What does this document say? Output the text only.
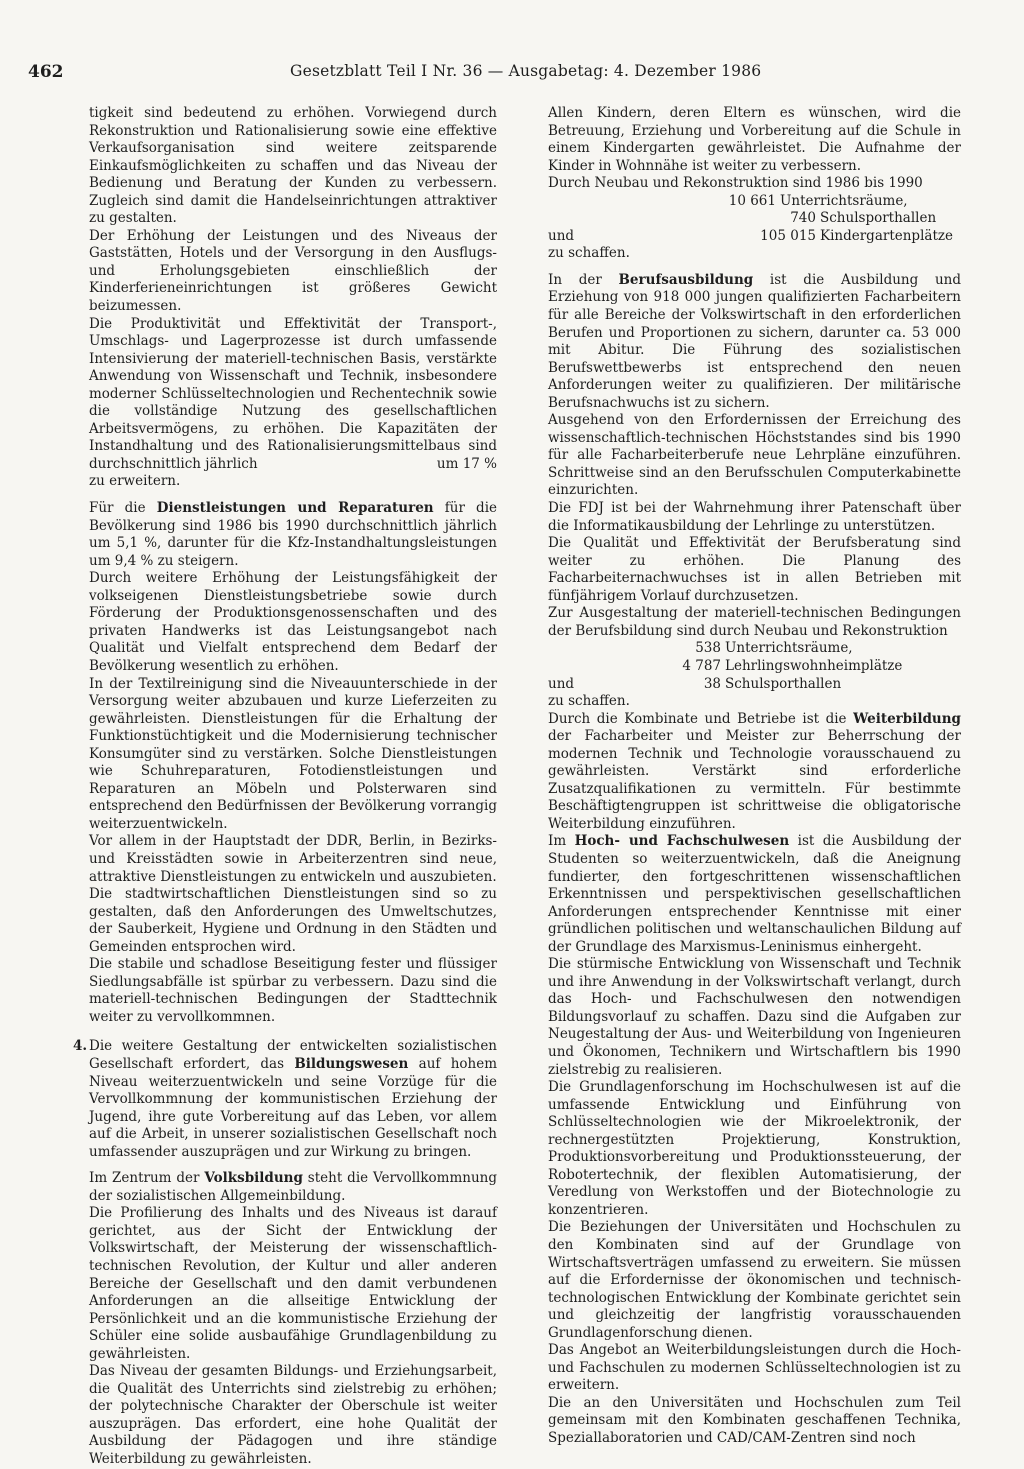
462	Gesetzblatt Teil I Nr. 36 — Ausgabetag: 4. Dezember 1986

tigkeit sind bedeutend zu erhöhen. Vorwiegend durch Rekonstruktion und Rationalisierung sowie eine effektive Verkaufsorganisation sind weitere zeitsparende Einkaufsmöglichkeiten zu schaffen und das Niveau der Bedienung und Beratung der Kunden zu verbessern. Zugleich sind damit die Handelseinrichtungen attraktiver zu gestalten.

Der Erhöhung der Leistungen und des Niveaus der Gaststätten, Hotels und der Versorgung in den Ausflugs- und Erholungsgebieten einschließlich der Kinderferieneinrichtungen ist größeres Gewicht beizumessen.

Die Produktivität und Effektivität der Transport-, Umschlags- und Lagerprozesse ist durch umfassende Intensivierung der materiell-technischen Basis, verstärkte Anwendung von Wissenschaft und Technik, insbesondere moderner Schlüsseltechnologien und Rechentechnik sowie die vollständige Nutzung des gesellschaftlichen Arbeitsvermögens, zu erhöhen. Die Kapazitäten der Instandhaltung und des Rationalisierungsmittelbaus sind durchschnittlich jährlich	um 17 %

zu erweitern.

Für die Dienstleistungen und Reparaturen für die Bevölkerung sind 1986 bis 1990 durchschnittlich jährlich um 5,1 %, darunter für die Kfz-Instandhaltungsleistungen um 9,4 % zu steigern.

Durch weitere Erhöhung der Leistungsfähigkeit der volkseigenen Dienstleistungsbetriebe sowie durch Förderung der Produktionsgenossenschaften und des privaten Handwerks ist das Leistungsangebot nach Qualität und Vielfalt entsprechend dem Bedarf der Bevölkerung wesentlich zu erhöhen.

In der Textilreinigung sind die Niveauunterschiede in der Versorgung weiter abzubauen und kurze Lieferzeiten zu gewährleisten. Dienstleistungen für die Erhaltung der Funktionstüchtigkeit und die Modernisierung technischer Konsumgüter sind zu verstärken. Solche Dienstleistungen wie Schuhreparaturen, Fotodienstleistungen und Reparaturen an Möbeln und Polsterwaren sind entsprechend den Bedürfnissen der Bevölkerung vorrangig weiterzuentwickeln.

Vor allem in der Hauptstadt der DDR, Berlin, in Bezirks- und Kreisstädten sowie in Arbeiterzentren sind neue, attraktive Dienstleistungen zu entwickeln und auszubieten.

Die stadtwirtschaftlichen Dienstleistungen sind so zu gestalten, daß den Anforderungen des Umweltschutzes, der Sauberkeit, Hygiene und Ordnung in den Städten und Gemeinden entsprochen wird.

Die stabile und schadlose Beseitigung fester und flüssiger Siedlungsabfälle ist spürbar zu verbessern. Dazu sind die materiell-technischen Bedingungen der Stadttechnik weiter zu vervollkommnen.

4. Die weitere Gestaltung der entwickelten sozialistischen Gesellschaft erfordert, das Bildungswesen auf hohem Niveau weiterzuentwickeln und seine Vorzüge für die Vervollkommnung der kommunistischen Erziehung der Jugend, ihre gute Vorbereitung auf das Leben, vor allem auf die Arbeit, in unserer sozialistischen Gesellschaft noch umfassender auszuprägen und zur Wirkung zu bringen.

Im Zentrum der Volksbildung steht die Vervollkommnung der sozialistischen Allgemeinbildung.

Die Profilierung des Inhalts und des Niveaus ist darauf gerichtet, aus der Sicht der Entwicklung der Volkswirtschaft, der Meisterung der wissenschaftlich-technischen Revolution, der Kultur und aller anderen Bereiche der Gesellschaft und den damit verbundenen Anforderungen an die allseitige Entwicklung der Persönlichkeit und an die kommunistische Erziehung der Schüler eine solide ausbaufähige Grundlagenbildung zu gewährleisten.

Das Niveau der gesamten Bildungs- und Erziehungsarbeit, die Qualität des Unterrichts sind zielstrebig zu erhöhen; der polytechnische Charakter der Oberschule ist weiter auszuprägen. Das erfordert, eine hohe Qualität der Ausbildung der Pädagogen und ihre ständige Weiterbildung zu gewährleisten.

Allen Kindern, deren Eltern es wünschen, wird die Betreuung, Erziehung und Vorbereitung auf die Schule in einem Kindergarten gewährleistet. Die Aufnahme der Kinder in Wohnnähe ist weiter zu verbessern.

Durch Neubau und Rekonstruktion sind 1986 bis 1990

10 661 Unterrichtsräume,
740 Schulsporthallen
und	105 015 Kindergartenplätze

zu schaffen.

In der Berufsausbildung ist die Ausbildung und Erziehung von 918 000 jungen qualifizierten Facharbeitern für alle Bereiche der Volkswirtschaft in den erforderlichen Berufen und Proportionen zu sichern, darunter ca. 53 000 mit Abitur. Die Führung des sozialistischen Berufswettbewerbs ist entsprechend den neuen Anforderungen weiter zu qualifizieren. Der militärische Berufsnachwuchs ist zu sichern.

Ausgehend von den Erfordernissen der Erreichung des wissenschaftlich-technischen Höchststandes sind bis 1990 für alle Facharbeiterberufe neue Lehrpläne einzuführen. Schrittweise sind an den Berufsschulen Computerkabinette einzurichten.

Die FDJ ist bei der Wahrnehmung ihrer Patenschaft über die Informatikausbildung der Lehrlinge zu unterstützen.

Die Qualität und Effektivität der Berufsberatung sind weiter zu erhöhen. Die Planung des Facharbeiternachwuchses ist in allen Betrieben mit fünfjährigem Vorlauf durchzusetzen.

Zur Ausgestaltung der materiell-technischen Bedingungen der Berufsbildung sind durch Neubau und Rekonstruktion

538 Unterrichtsräume,
4 787 Lehrlingswohnheimplätze
und	38 Schulsporthallen

zu schaffen.

Durch die Kombinate und Betriebe ist die Weiterbildung der Facharbeiter und Meister zur Beherrschung der modernen Technik und Technologie vorausschauend zu gewährleisten. Verstärkt sind erforderliche Zusatzqualifikationen zu vermitteln. Für bestimmte Beschäftigtengruppen ist schrittweise die obligatorische Weiterbildung einzuführen.

Im Hoch- und Fachschulwesen ist die Ausbildung der Studenten so weiterzuentwickeln, daß die Aneignung fundierter, den fortgeschrittenen wissenschaftlichen Erkenntnissen und perspektivischen gesellschaftlichen Anforderungen entsprechender Kenntnisse mit einer gründlichen politischen und weltanschaulichen Bildung auf der Grundlage des Marxismus-Leninismus einhergeht.

Die stürmische Entwicklung von Wissenschaft und Technik und ihre Anwendung in der Volkswirtschaft verlangt, durch das Hoch- und Fachschulwesen den notwendigen Bildungsvorlauf zu schaffen. Dazu sind die Aufgaben zur Neugestaltung der Aus- und Weiterbildung von Ingenieuren und Ökonomen, Technikern und Wirtschaftlern bis 1990 zielstrebig zu realisieren.

Die Grundlagenforschung im Hochschulwesen ist auf die umfassende Entwicklung und Einführung von Schlüsseltechnologien wie der Mikroelektronik, der rechnergestützten Projektierung, Konstruktion, Produktionsvorbereitung und Produktionssteuerung, der Robotertechnik, der flexiblen Automatisierung, der Veredlung von Werkstoffen und der Biotechnologie zu konzentrieren.

Die Beziehungen der Universitäten und Hochschulen zu den Kombinaten sind auf der Grundlage von Wirtschaftsverträgen umfassend zu erweitern. Sie müssen auf die Erfordernisse der ökonomischen und technisch-technologischen Entwicklung der Kombinate gerichtet sein und gleichzeitig der langfristig vorausschauenden Grundlagenforschung dienen.

Das Angebot an Weiterbildungsleistungen durch die Hoch- und Fachschulen zu modernen Schlüsseltechnologien ist zu erweitern.

Die an den Universitäten und Hochschulen zum Teil gemeinsam mit den Kombinaten geschaffenen Technika, Speziallaboratorien und CAD/CAM-Zentren sind noch
